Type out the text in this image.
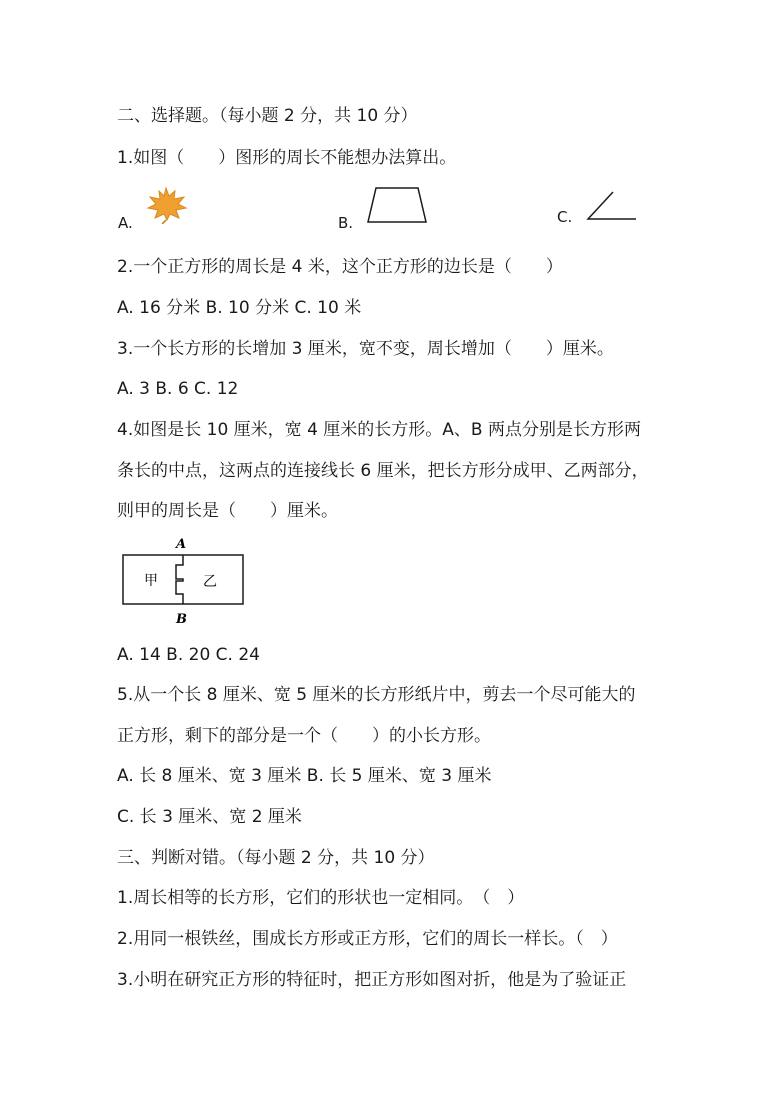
二、选择题。（每小题 2 分，共 10 分）
1.如图（　　）图形的周长不能想办法算出。
A.	B.	C.
2.一个正方形的周长是 4 米，这个正方形的边长是（　　）
A. 16 分米 B. 10 分米 C. 10 米
3.一个长方形的长增加 3 厘米，宽不变，周长增加（　　）厘米。
A. 3 B. 6 C. 12
4.如图是长 10 厘米，宽 4 厘米的长方形。A、B 两点分别是长方形两
条长的中点，这两点的连接线长 6 厘米，把长方形分成甲、乙两部分，
则甲的周长是（　　）厘米。
A
B
甲	乙
A. 14 B. 20 C. 24
5.从一个长 8 厘米、宽 5 厘米的长方形纸片中，剪去一个尽可能大的
正方形，剩下的部分是一个（　　）的小长方形。
A. 长 8 厘米、宽 3 厘米 B. 长 5 厘米、宽 3 厘米
C. 长 3 厘米、宽 2 厘米
三、判断对错。（每小题 2 分，共 10 分）
1.周长相等的长方形，它们的形状也一定相同。　（　）
2.用同一根铁丝，围成长方形或正方形，它们的周长一样长。（　）
3.小明在研究正方形的特征时，把正方形如图对折，他是为了验证正
